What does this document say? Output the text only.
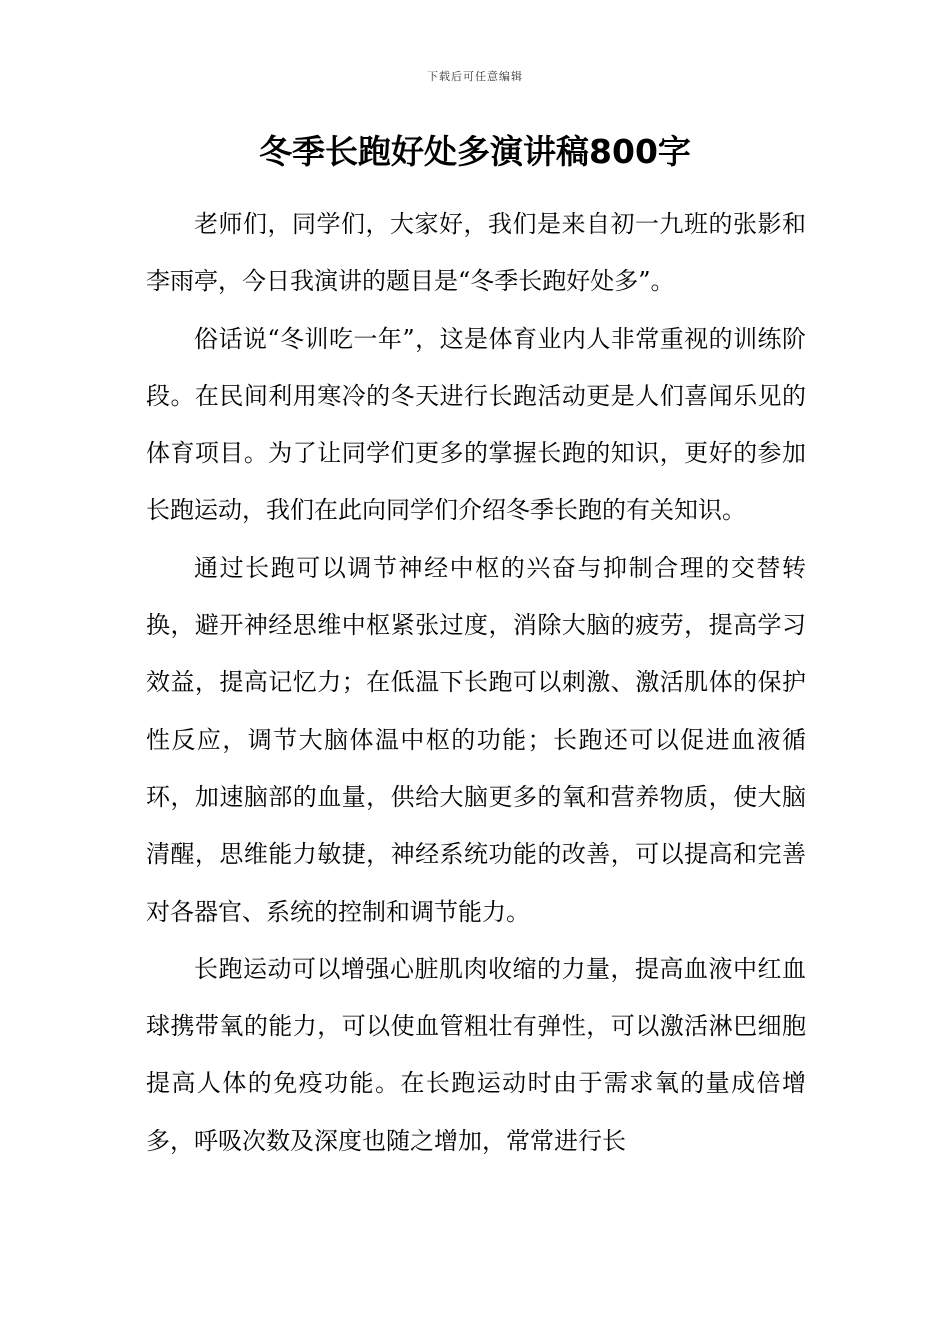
下载后可任意编辑
冬季长跑好处多演讲稿800字

老师们，同学们，大家好，我们是来自初一九班的张影和李雨亭，今日我演讲的题目是“冬季长跑好处多”。

俗话说“冬训吃一年”，这是体育业内人非常重视的训练阶段。在民间利用寒冷的冬天进行长跑活动更是人们喜闻乐见的体育项目。为了让同学们更多的掌握长跑的知识，更好的参加长跑运动，我们在此向同学们介绍冬季长跑的有关知识。

通过长跑可以调节神经中枢的兴奋与抑制合理的交替转换，避开神经思维中枢紧张过度，消除大脑的疲劳，提高学习效益，提高记忆力；在低温下长跑可以刺激、激活肌体的保护性反应，调节大脑体温中枢的功能；长跑还可以促进血液循环，加速脑部的血量，供给大脑更多的氧和营养物质，使大脑清醒，思维能力敏捷，神经系统功能的改善，可以提高和完善对各器官、系统的控制和调节能力。

长跑运动可以增强心脏肌肉收缩的力量，提高血液中红血球携带氧的能力，可以使血管粗壮有弹性，可以激活淋巴细胞提高人体的免疫功能。在长跑运动时由于需求氧的量成倍增多，呼吸次数及深度也随之增加，常常进行长
